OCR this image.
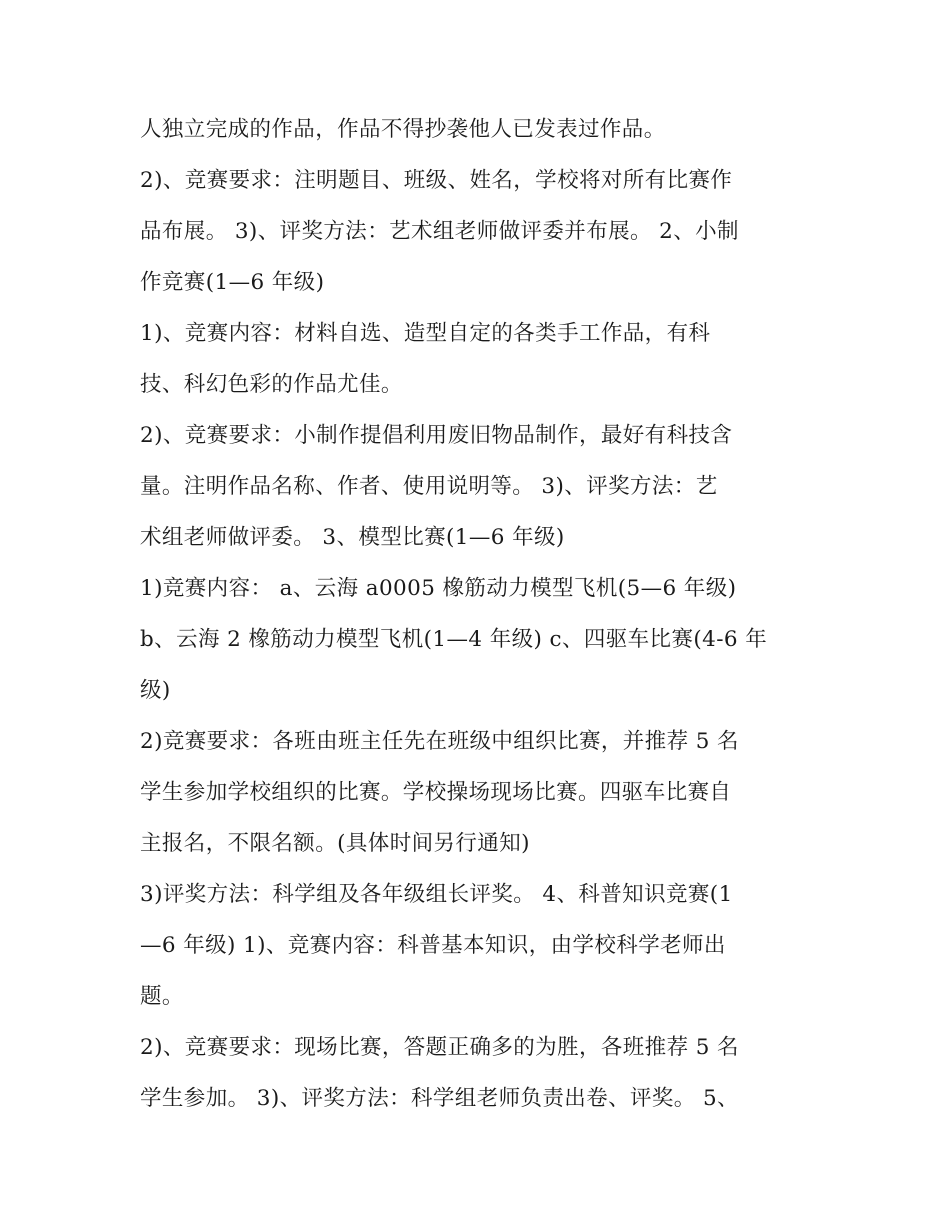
人独立完成的作品，作品不得抄袭他人已发表过作品。
2)、竞赛要求：注明题目、班级、姓名，学校将对所有比赛作
品布展。 3)、评奖方法：艺术组老师做评委并布展。 2、小制
作竞赛(1—6 年级)
1)、竞赛内容：材料自选、造型自定的各类手工作品，有科
技、科幻色彩的作品尤佳。
2)、竞赛要求：小制作提倡利用废旧物品制作，最好有科技含
量。注明作品名称、作者、使用说明等。 3)、评奖方法：艺
术组老师做评委。 3、模型比赛(1—6 年级)
1)竞赛内容： a、云海 a0005 橡筋动力模型飞机(5—6 年级)
b、云海 2 橡筋动力模型飞机(1—4 年级) c、四驱车比赛(4-6 年
级)
2)竞赛要求：各班由班主任先在班级中组织比赛，并推荐 5 名
学生参加学校组织的比赛。学校操场现场比赛。四驱车比赛自
主报名，不限名额。(具体时间另行通知)
3)评奖方法：科学组及各年级组长评奖。 4、科普知识竞赛(1
—6 年级) 1)、竞赛内容：科普基本知识，由学校科学老师出
题。
2)、竞赛要求：现场比赛，答题正确多的为胜，各班推荐 5 名
学生参加。 3)、评奖方法：科学组老师负责出卷、评奖。 5、
